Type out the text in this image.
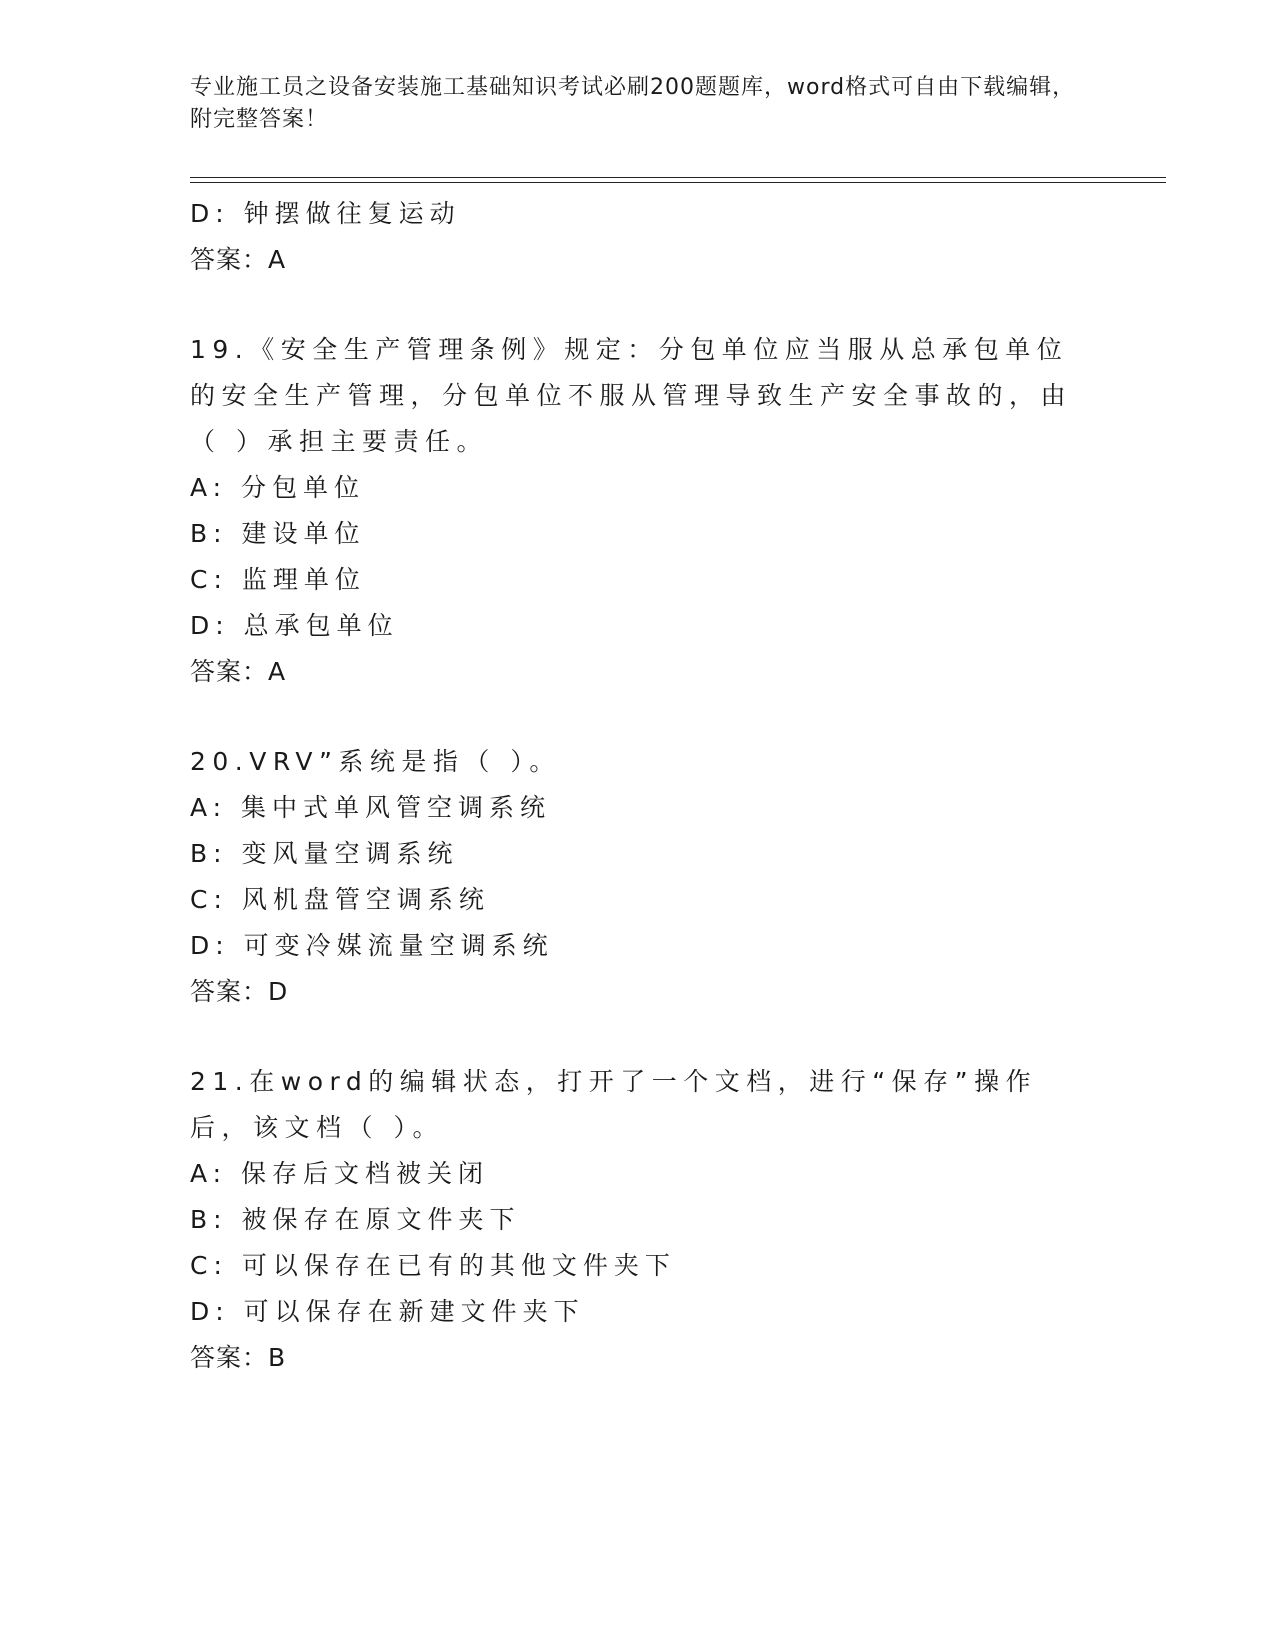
专业施工员之设备安装施工基础知识考试必刷200题题库，word格式可自由下载编辑，附完整答案！
D: 钟摆做往复运动
答案：A
19.《安全生产管理条例》规定：分包单位应当服从总承包单位的安全生产管理，分包单位不服从管理导致生产安全事故的，由（ ）承担主要责任。
A: 分包单位
B: 建设单位
C: 监理单位
D: 总承包单位
答案：A
20.VRV”系统是指（ ）。
A: 集中式单风管空调系统
B: 变风量空调系统
C: 风机盘管空调系统
D: 可变冷媒流量空调系统
答案：D
21.在word的编辑状态，打开了一个文档，进行“保存”操作后，该文档（ ）。
A: 保存后文档被关闭
B: 被保存在原文件夹下
C: 可以保存在已有的其他文件夹下
D: 可以保存在新建文件夹下
答案：B
